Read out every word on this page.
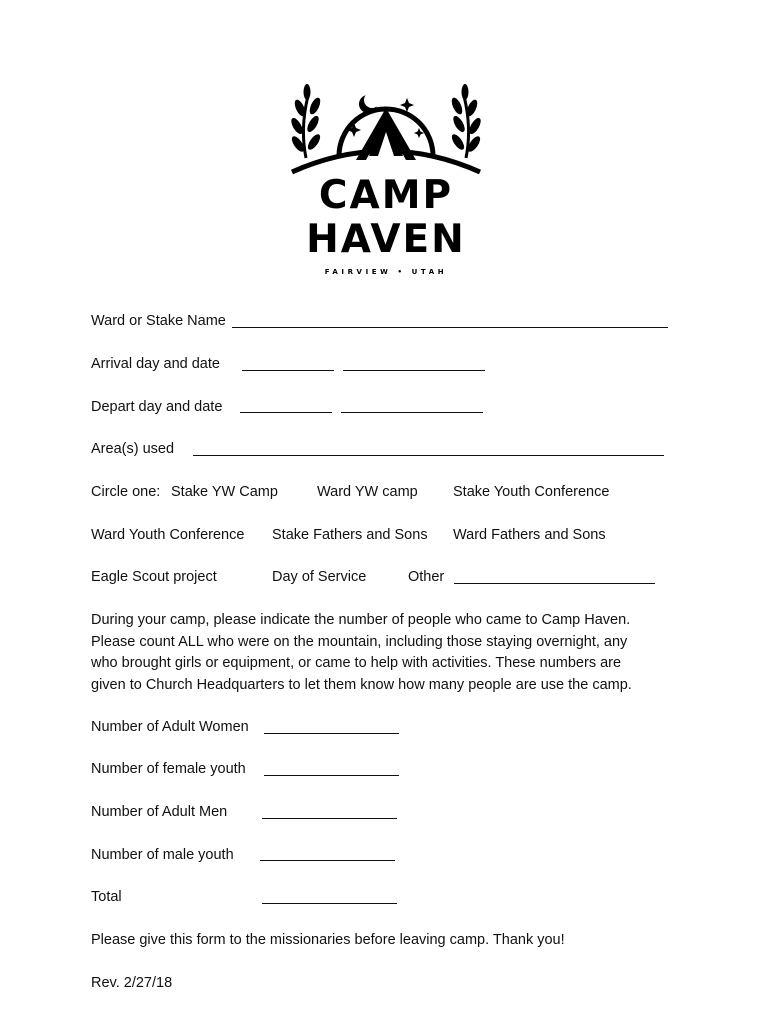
CAMP
HAVEN
FAIRVIEW • UTAH
Ward or Stake Name
Arrival day and date
Depart day and date
Area(s) used
Circle one: Stake YW Camp	Ward YW camp Stake Youth Conference
Ward Youth Conference Stake Fathers and Sons Ward Fathers and Sons
Eagle Scout project	Day of Service	Other
During your camp, please indicate the number of people who came to Camp Haven.
Please count ALL who were on the mountain, including those staying overnight, any
who brought girls or equipment, or came to help with activities. These numbers are
given to Church Headquarters to let them know how many people are use the camp.
Number of Adult Women
Number of female youth
Number of Adult Men
Number of male youth
Total
Please give this form to the missionaries before leaving camp. Thank you!
Rev. 2/27/18
